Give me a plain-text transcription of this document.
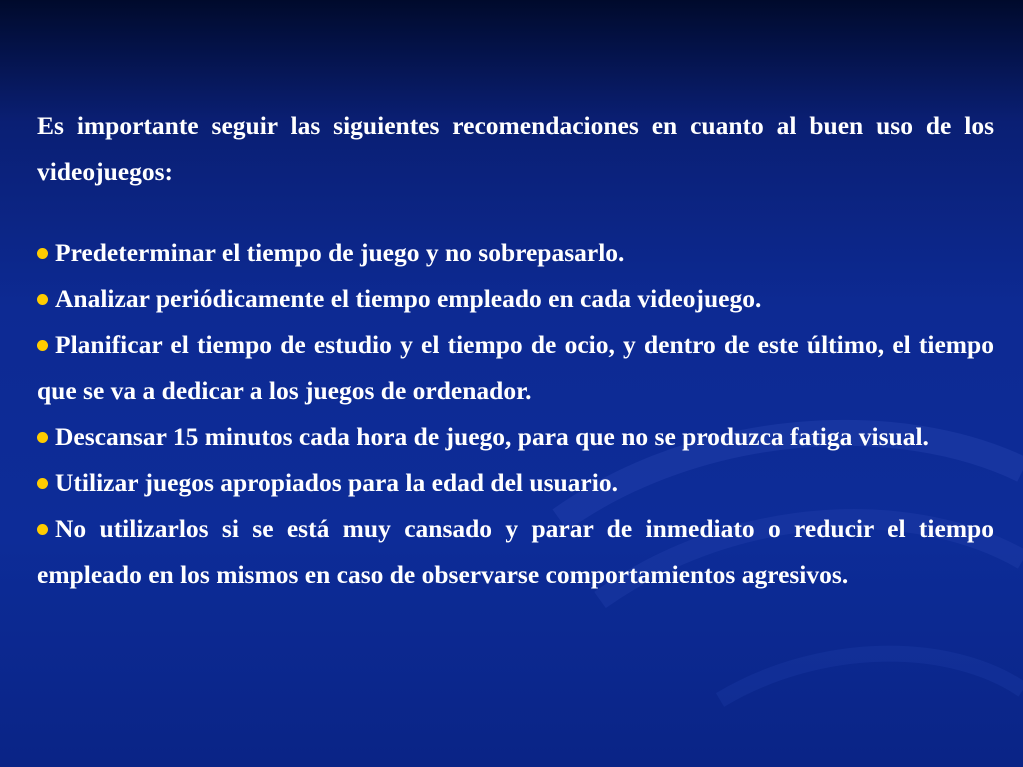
Es importante seguir las siguientes recomendaciones en cuanto al buen uso de los videojuegos:

Predeterminar el tiempo de juego y no sobrepasarlo.
Analizar periódicamente el tiempo empleado en cada videojuego.
Planificar el tiempo de estudio y el tiempo de ocio, y dentro de este último, el tiempo que se va a dedicar a los juegos de ordenador.
Descansar 15 minutos cada hora de juego, para que no se produzca fatiga visual.
Utilizar juegos apropiados para la edad del usuario.
No utilizarlos si se está muy cansado y parar de inmediato o reducir el tiempo empleado en los mismos en caso de observarse comportamientos agresivos.
